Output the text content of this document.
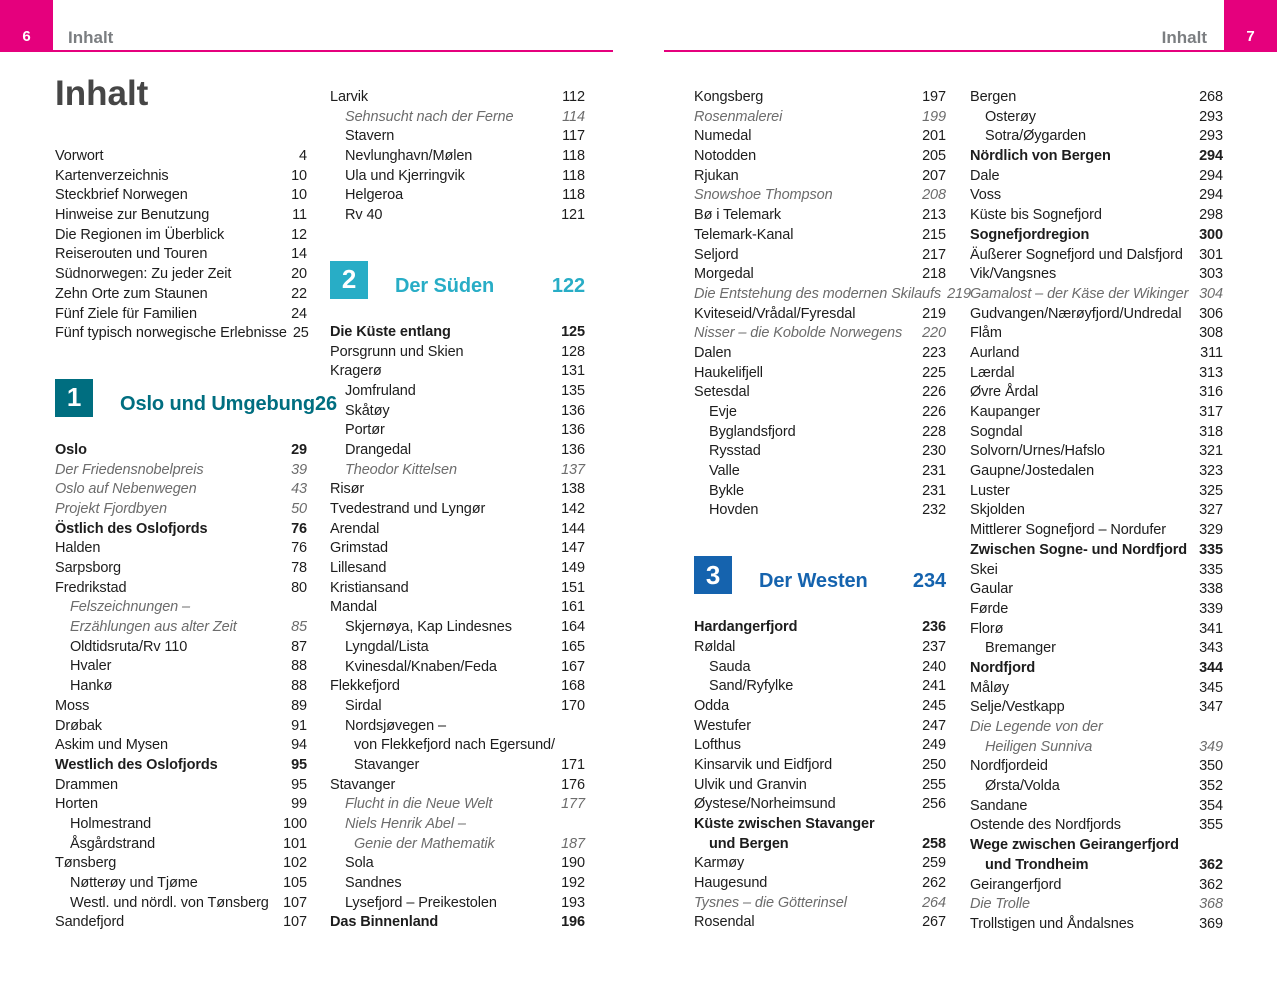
6	7
Inhalt	Inhalt
Inhalt
Vorwort	4
Kartenverzeichnis	10
Steckbrief Norwegen	10
Hinweise zur Benutzung	11
Die Regionen im Überblick	12
Reiserouten und Touren	14
Südnorwegen: Zu jeder Zeit	20
Zehn Orte zum Staunen	22
Fünf Ziele für Familien	24
Fünf typisch norwegische Erlebnisse 25
1	Oslo und Umgebung 26
Oslo	29
Der Friedensnobelpreis	39
Oslo auf Nebenwegen	43
Projekt Fjordbyen	50
Östlich des Oslofjords	76
Halden	76
Sarpsborg	78
Fredrikstad	80
Felszeichnungen –
Erzählungen aus alter Zeit	85
Oldtidsruta/Rv 110	87
Hvaler	88
Hankø	88
Moss	89
Drøbak	91
Askim und Mysen	94
Westlich des Oslofjords	95
Drammen	95
Horten	99
Holmestrand	100
Åsgårdstrand	101
Tønsberg	102
Nøtterøy und Tjøme	105
Westl. und nördl. von Tønsberg 107
Sandefjord	107
Larvik	112
Sehnsucht nach der Ferne	114
Stavern	117
Nevlunghavn/Mølen	118
Ula und Kjerringvik	118
Helgeroa	118
Rv 40	121
2	Der Süden	122
Die Küste entlang	125
Porsgrunn und Skien	128
Kragerø	131
Jomfruland	135
Skåtøy	136
Portør	136
Drangedal	136
Theodor Kittelsen	137
Risør	138
Tvedestrand und Lyngør	142
Arendal	144
Grimstad	147
Lillesand	149
Kristiansand	151
Mandal	161
Skjernøya, Kap Lindesnes	164
Lyngdal/Lista	165
Kvinesdal/Knaben/Feda	167
Flekkefjord	168
Sirdal	170
Nordsjøvegen –
von Flekkefjord nach Egersund/
Stavanger	171
Stavanger	176
Flucht in die Neue Welt	177
Niels Henrik Abel –
Genie der Mathematik	187
Sola	190
Sandnes	192
Lysefjord – Preikestolen	193
Das Binnenland	196
Kongsberg	197
Rosenmalerei	199
Numedal	201
Notodden	205
Rjukan	207
Snowshoe Thompson	208
Bø i Telemark	213
Telemark-Kanal	215
Seljord	217
Morgedal	218
Die Entstehung des modernen Skilaufs 219
Kviteseid/Vrådal/Fyresdal	219
Nisser – die Kobolde Norwegens	220
Dalen	223
Haukelifjell	225
Setesdal	226
Evje	226
Byglandsfjord	228
Rysstad	230
Valle	231
Bykle	231
Hovden	232
3	Der Westen	234
Hardangerfjord	236
Røldal	237
Sauda	240
Sand/Ryfylke	241
Odda	245
Westufer	247
Lofthus	249
Kinsarvik und Eidfjord	250
Ulvik und Granvin	255
Øystese/Norheimsund	256
Küste zwischen Stavanger
und Bergen	258
Karmøy	259
Haugesund	262
Tysnes – die Götterinsel	264
Rosendal	267
Bergen	268
Osterøy	293
Sotra/Øygarden	293
Nördlich von Bergen	294
Dale	294
Voss	294
Küste bis Sognefjord	298
Sognefjordregion	300
Äußerer Sognefjord und Dalsfjord	301
Vik/Vangsnes	303
Gamalost – der Käse der Wikinger 304
Gudvangen/Nærøyfjord/Undredal	306
Flåm	308
Aurland	311
Lærdal	313
Øvre Årdal	316
Kaupanger	317
Sogndal	318
Solvorn/Urnes/Hafslo	321
Gaupne/Jostedalen	323
Luster	325
Skjolden	327
Mittlerer Sognefjord – Nordufer	329
Zwischen Sogne- und Nordfjord 335
Skei	335
Gaular	338
Førde	339
Florø	341
Bremanger	343
Nordfjord	344
Måløy	345
Selje/Vestkapp	347
Die Legende von der
Heiligen Sunniva	349
Nordfjordeid	350
Ørsta/Volda	352
Sandane	354
Ostende des Nordfjords	355
Wege zwischen Geirangerfjord
und Trondheim	362
Geirangerfjord	362
Die Trolle	368
Trollstigen und Åndalsnes	369
